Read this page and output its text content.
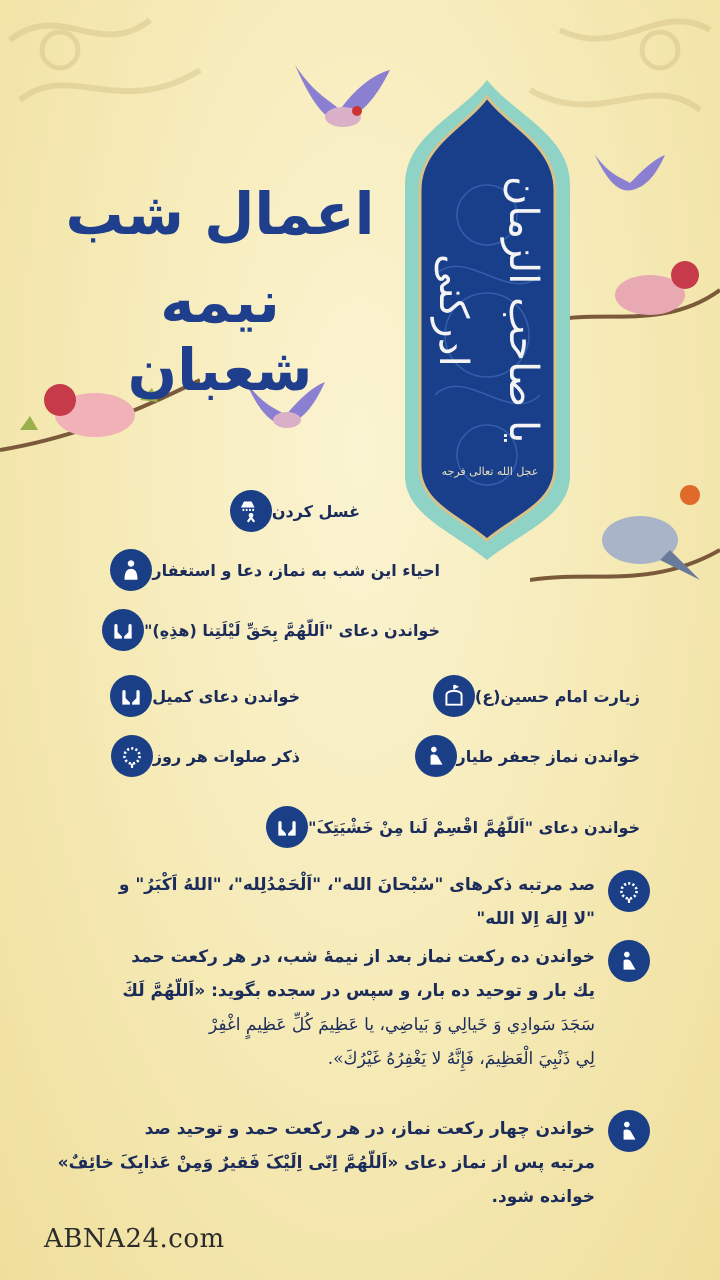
یا صاحب الزمان ادرکنی
عجل الله تعالی فرجه
اعمال شب
نیمه شعبان
غسل کردن
احیاء این شب به نماز، دعا و استغفار
خواندن دعای "اَللّهُمَّ بِحَقِّ لَیْلَتِنا (هذِهِ)"
زیارت امام حسین(ع)
خواندن دعای کمیل
خواندن نماز جعفر طیار
ذکر صلوات هر روز
خواندن دعای "اَللّهُمَّ اقْسِمْ لَنا مِنْ خَشْیَتِکَ"
صد مرتبه ذکرهای "سُبْحانَ الله"، "اَلْحَمْدُلِله"، "اللهُ اَکْبَرُ" و
"لا اِلهَ اِلا الله"
خواندن ده رکعت نماز بعد از نیمهٔ شب، در هر رکعت حمد
یك بار و توحید ده بار، و سپس در سجده بگوید: «اَللّهُمَّ لَكَ
سَجَدَ سَوادِي وَ خَيالِي وَ بَياضِي، يا عَظِيمَ كُلِّ عَظِيمٍ اغْفِرْ
لِي ذَنْبِيَ الْعَظِيمَ، فَإِنَّهُ لا يَغْفِرُهُ غَيْرُكَ».
خواندن چهار رکعت نماز، در هر رکعت حمد و توحید صد
مرتبه پس از نماز دعای «اَللّهُمَّ اِنّی اِلَیْکَ فَقیرٌ وَمِنْ عَذابِکَ خائِفٌ»
خوانده شود.
ABNA24.com
